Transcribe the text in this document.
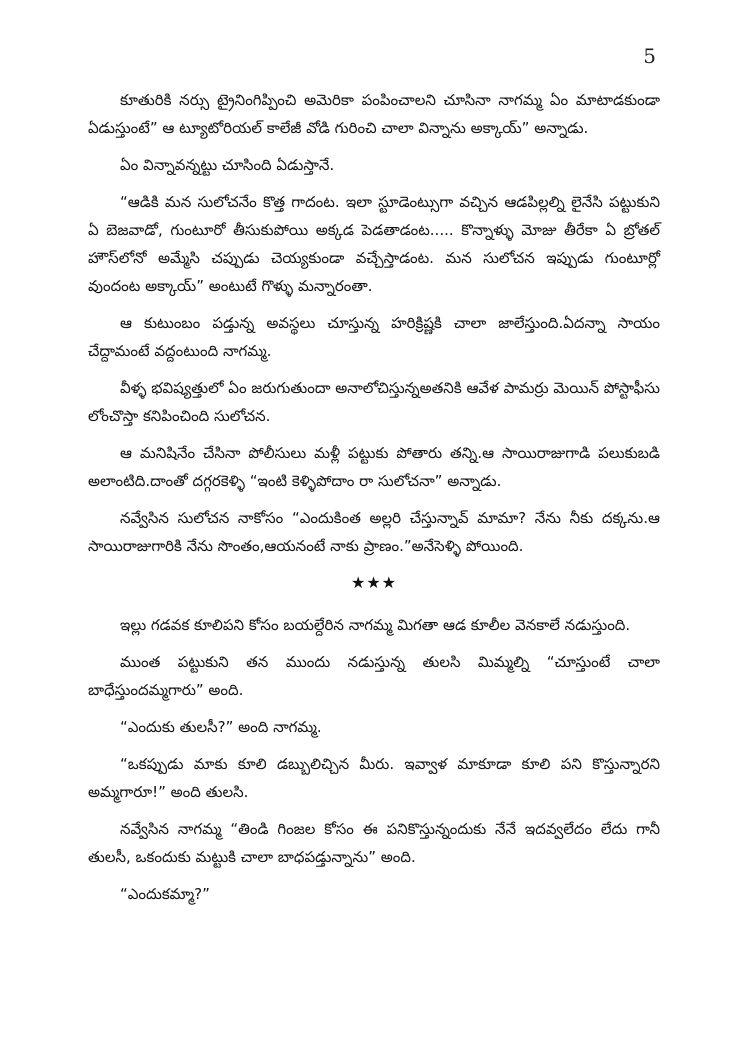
5

కూతురికి నర్సు ట్రైనింగిప్పించి అమెరికా పంపించాలని చూసినా నాగమ్మ ఏం మాటాడకుండా ఏడుస్తుంటే” ఆ ట్యూటోరియల్ కాలేజీ వోడి గురించి చాలా విన్నాను అక్కాయ్” అన్నాడు.

ఏం విన్నావన్నట్టు చూసింది ఏడుస్తానే.

“ఆడికి మన సులోచనేం కొత్త గాదంట. ఇలా స్టూడెంట్సుగా వచ్చిన ఆడపిల్లల్ని లైనేసి పట్టుకుని ఏ బెజవాడో, గుంటూరో తీసుకుపోయి అక్కడ పెడతాడంట..... కొన్నాళ్ళు మోజు తీరేకా ఏ బ్రోతల్ హౌస్‌లోనో అమ్మేసి చప్పుడు చెయ్యకుండా వచ్చేస్తాడంట. మన సులోచన ఇప్పుడు గుంటూర్లో వుందంట అక్కాయ్” అంటుటే గొళ్ళు మన్నారంతా.

ఆ కుటుంబం పడ్తున్న అవస్థలు చూస్తున్న హరిక్రిష్ణకి చాలా జాలేస్తుంది.ఏదన్నా సాయం చేద్దామంటే వద్దంటుంది నాగమ్మ.

వీళ్ళ భవిష్యత్తులో ఏం జరుగుతుందా అనాలోచిస్తున్నఅతనికి ఆవేళ పామర్రు మెయిన్ పోస్టాఫీసు లోంచొస్తా కనిపించింది సులోచన.

ఆ మనిషినేం చేసినా పోలీసులు మళ్లీ పట్టుకు పోతారు తన్ని.ఆ సాయిరాజుగాడి పలుకుబడి అలాంటిది.దాంతో దగ్గరకెళ్ళి “ఇంటి కెళ్ళిపోదాం రా సులోచనా” అన్నాడు.

నవ్వేసిన సులోచన నాకోసం “ఎందుకింత అల్లరి చేస్తున్నావ్ మామా? నేను నీకు దక్కను.ఆ సాయిరాజుగారికి నేను సొంతం,ఆయనంటే నాకు ప్రాణం.”అనేసెళ్ళి పోయింది.

★★★

ఇల్లు గడవక కూలిపని కోసం బయల్దేరిన నాగమ్మ మిగతా ఆడ కూలీల వెనకాలే నడుస్తుంది.

ముంత పట్టుకుని తన ముందు నడుస్తున్న తులసి మిమ్మల్ని “చూస్తుంటే చాలా బాధేస్తుందమ్మగారు” అంది.

“ఎందుకు తులసీ?” అంది నాగమ్మ.

“ఒకప్పుడు మాకు కూలి డబ్బులిచ్చిన మీరు. ఇవ్వాళ మాకూడా కూలి పని కొస్తున్నారని అమ్మగారూ!” అంది తులసి.

నవ్వేసిన నాగమ్మ “తిండి గింజల కోసం ఈ పనికొస్తున్నందుకు నేనే ఇదవ్వలేదం లేదు గానీ తులసీ, ఒకందుకు మట్టుకి చాలా బాధపడ్తున్నాను” అంది.

“ఎందుకమ్మా?”
